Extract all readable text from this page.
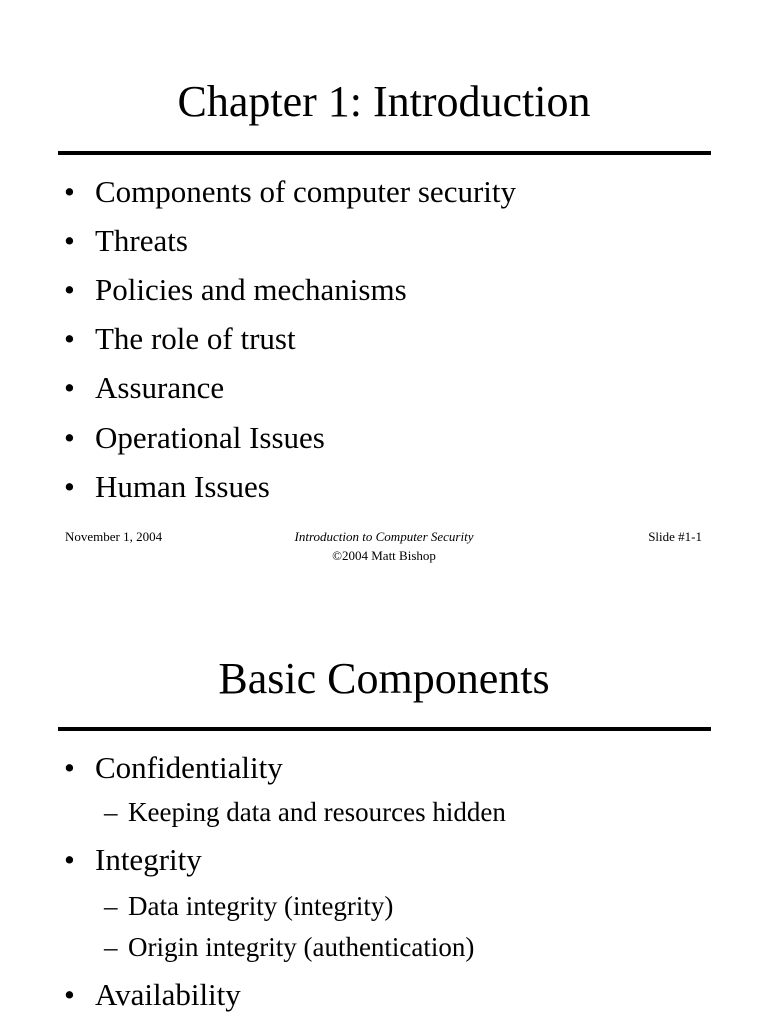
Chapter 1: Introduction
• Components of computer security
• Threats
• Policies and mechanisms
• The role of trust
• Assurance
• Operational Issues
• Human Issues
November 1, 2004	Introduction to Computer Security	Slide #1-1
©2004 Matt Bishop
Basic Components
• Confidentiality
– Keeping data and resources hidden
• Integrity
– Data integrity (integrity)
– Origin integrity (authentication)
• Availability
